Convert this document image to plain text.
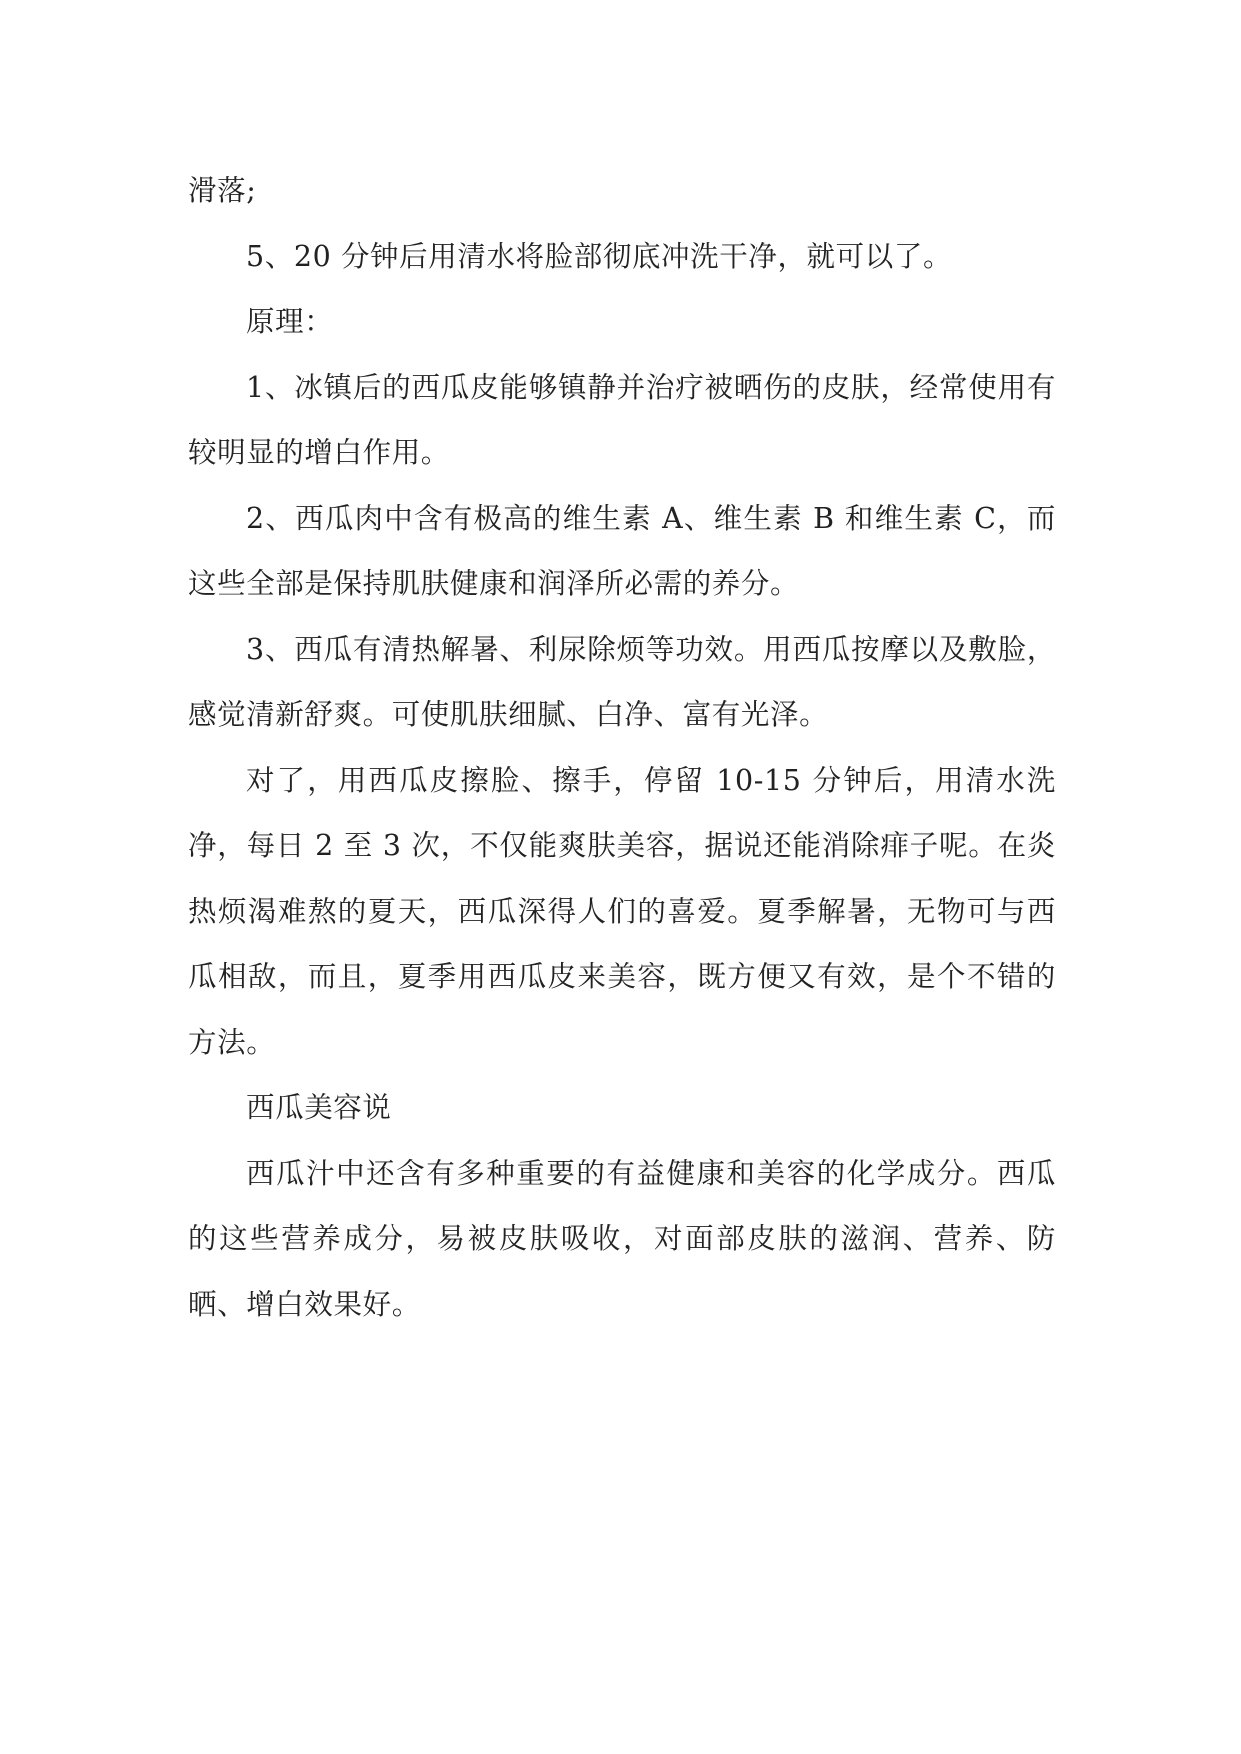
滑落;

5、20 分钟后用清水将脸部彻底冲洗干净，就可以了。

原理：

1、冰镇后的西瓜皮能够镇静并治疗被晒伤的皮肤，经常使用有较明显的增白作用。

2、西瓜肉中含有极高的维生素 A、维生素 B 和维生素 C，而这些全部是保持肌肤健康和润泽所必需的养分。

3、西瓜有清热解暑、利尿除烦等功效。用西瓜按摩以及敷脸，感觉清新舒爽。可使肌肤细腻、白净、富有光泽。

对了，用西瓜皮擦脸、擦手，停留 10-15 分钟后，用清水洗净，每日 2 至 3 次，不仅能爽肤美容，据说还能消除痱子呢。在炎热烦渴难熬的夏天，西瓜深得人们的喜爱。夏季解暑，无物可与西瓜相敌，而且，夏季用西瓜皮来美容，既方便又有效，是个不错的方法。

西瓜美容说

西瓜汁中还含有多种重要的有益健康和美容的化学成分。西瓜的这些营养成分，易被皮肤吸收，对面部皮肤的滋润、营养、防晒、增白效果好。
